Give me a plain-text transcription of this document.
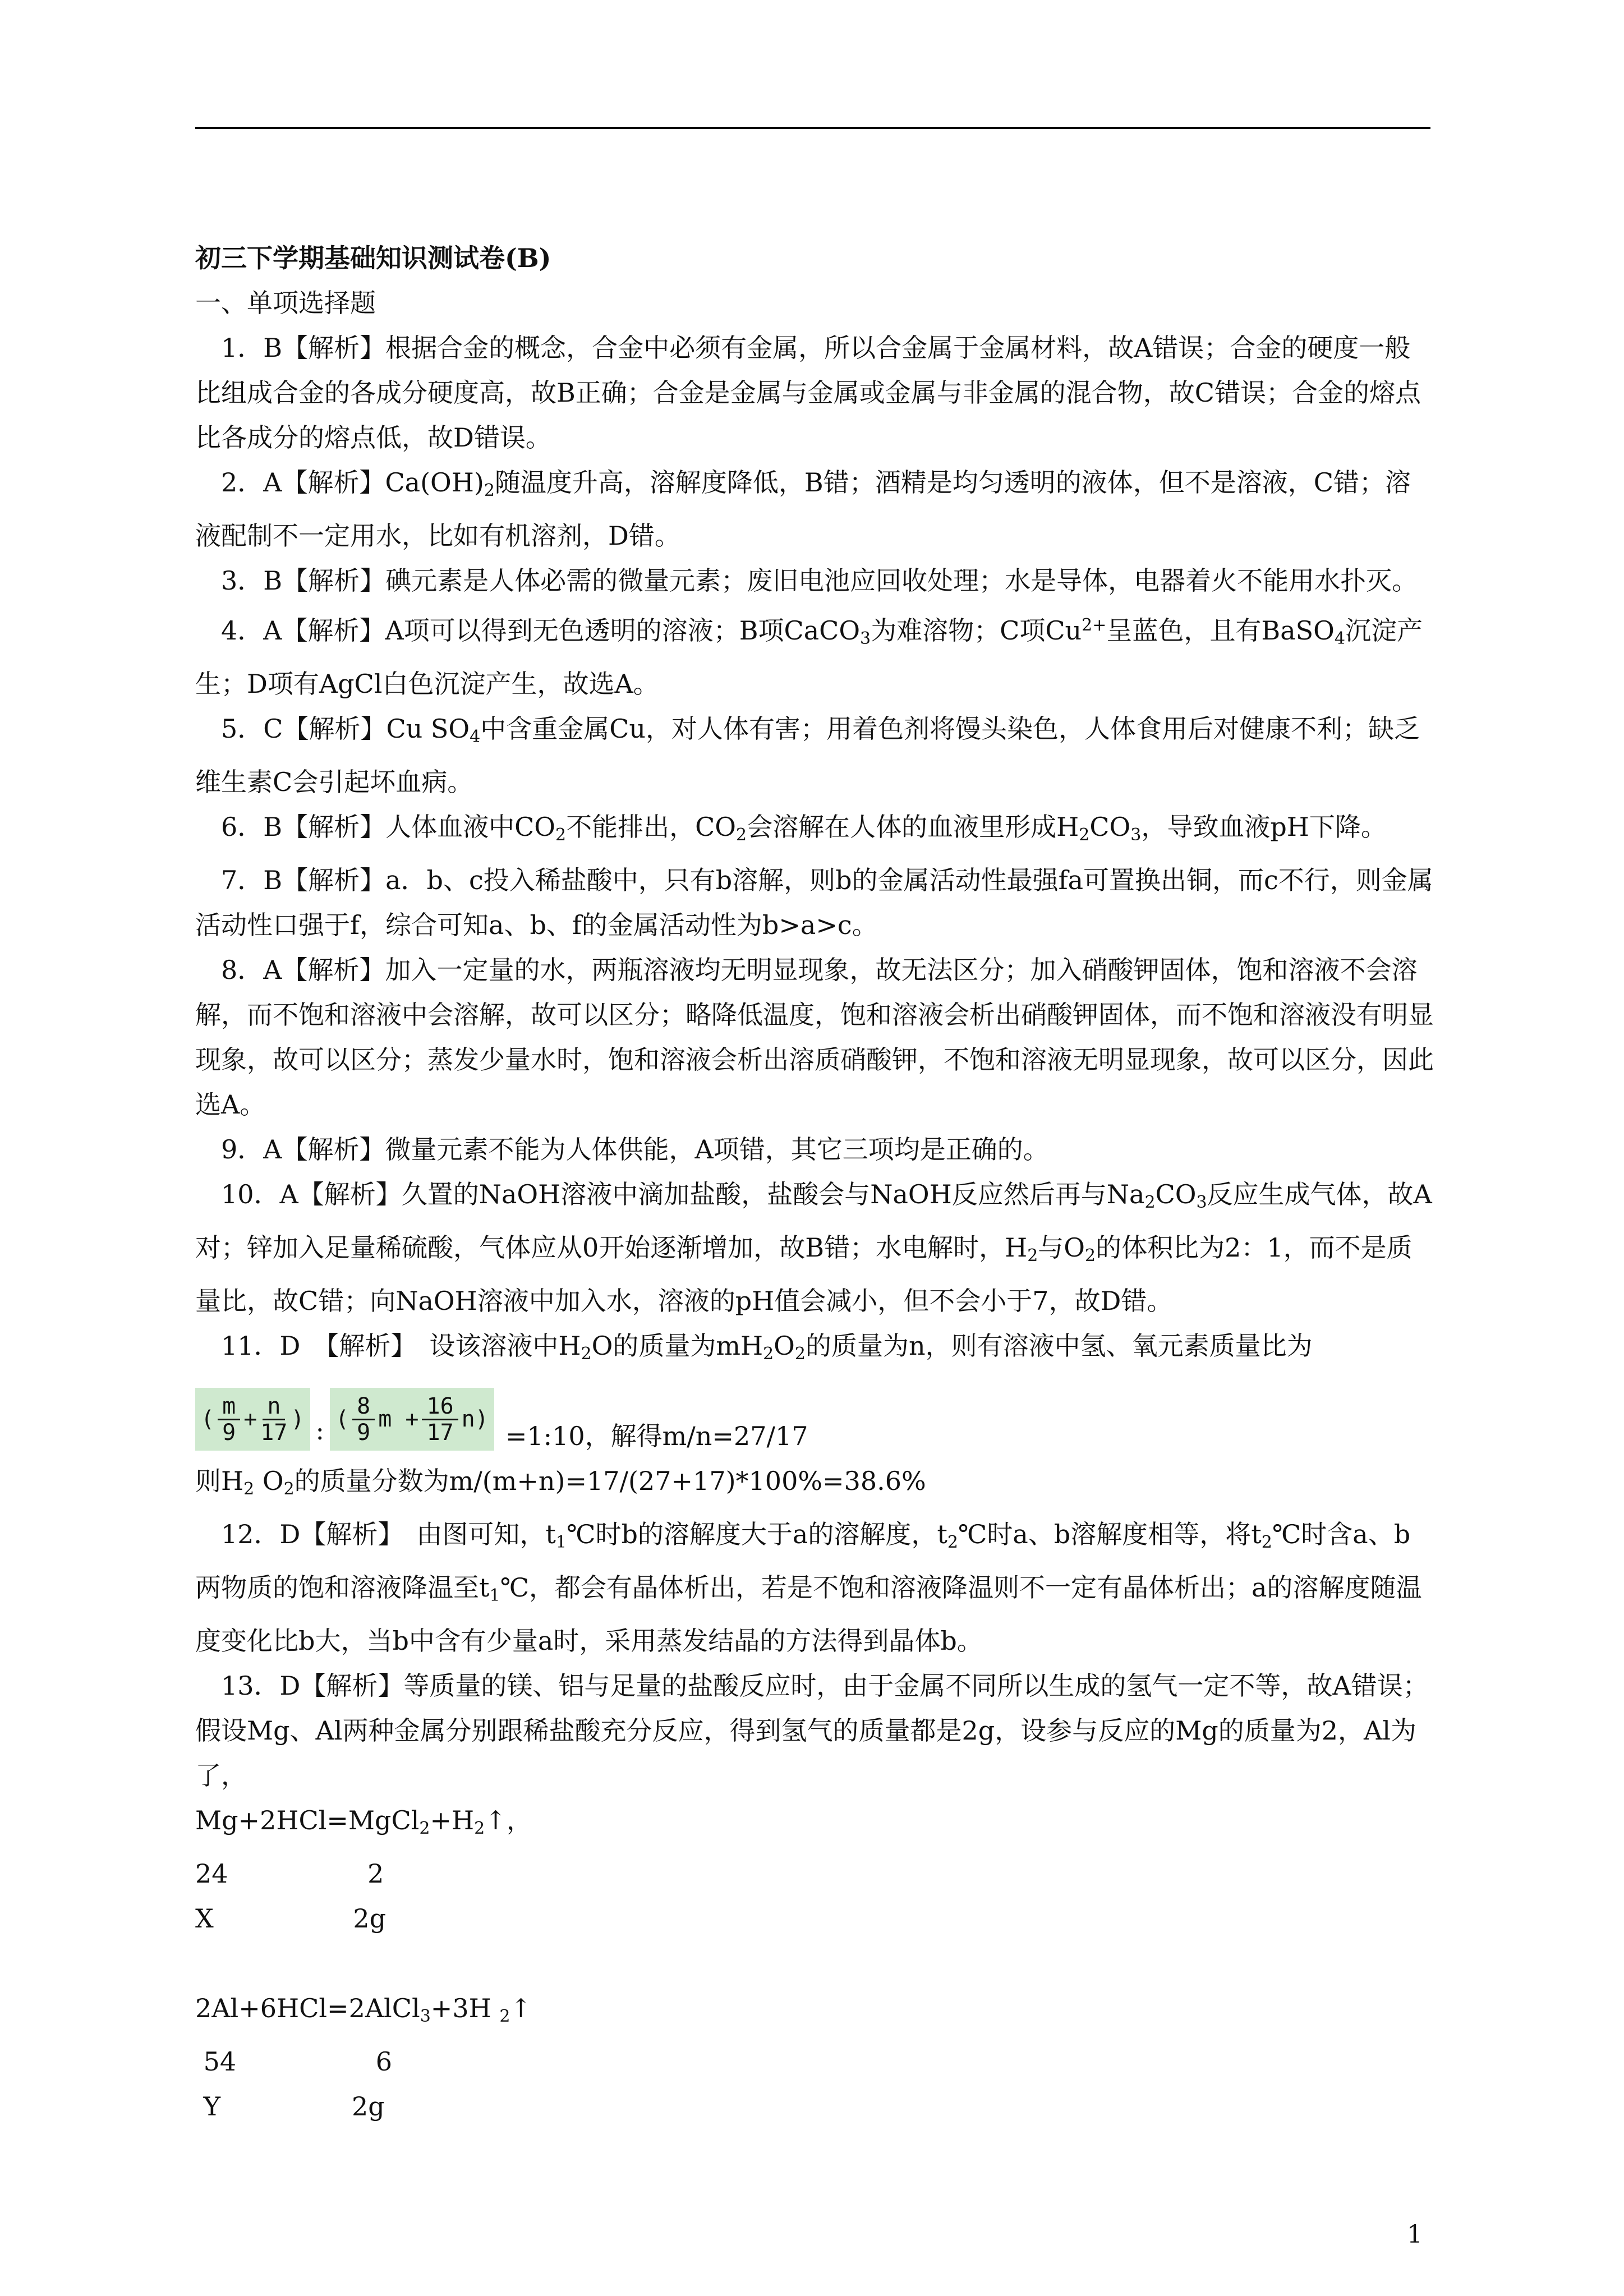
初三下学期基础知识测试卷(B)

一、单项选择题

1．B【解析】根据合金的概念，合金中必须有金属，所以合金属于金属材料，故A错误；合金的硬度一般比组成合金的各成分硬度高，故B正确；合金是金属与金属或金属与非金属的混合物，故C错误；合金的熔点比各成分的熔点低，故D错误。

2．A【解析】$Ca(OH)_2$随温度升高，溶解度降低，B错；酒精是均匀透明的液体，但不是溶液，C错；溶液配制不一定用水，比如有机溶剂，D错。

3．B【解析】碘元素是人体必需的微量元素；废旧电池应回收处理；水是导体，电器着火不能用水扑灭。

4．A【解析】A项可以得到无色透明的溶液；B项CaCO$_3$为难溶物；C项$Cu^{2+}$呈蓝色，且有BaSO$_4$沉淀产生；D项有AgCl白色沉淀产生，故选A。

5．C【解析】Cu $SO_4$中含重金属Cu，对人体有害；用着色剂将馒头染色，人体食用后对健康不利；缺乏维生素C会引起坏血病。

6．B【解析】人体血液中$CO_2$不能排出，$CO_2$会溶解在人体的血液里形成$H_2CO_3$，导致血液pH下降。

7．B【解析】a．b、c投入稀盐酸中，只有b溶解，则b的金属活动性最强fa可置换出铜，而c不行，则金属活动性口强于f，综合可知a、b、f的金属活动性为b>a>c。

8．A【解析】加入一定量的水，两瓶溶液均无明显现象，故无法区分；加入硝酸钾固体，饱和溶液不会溶解，而不饱和溶液中会溶解，故可以区分；略降低温度，饱和溶液会析出硝酸钾固体，而不饱和溶液没有明显现象，故可以区分；蒸发少量水时，饱和溶液会析出溶质硝酸钾，不饱和溶液无明显现象，故可以区分，因此选A。

9．A【解析】微量元素不能为人体供能，A项错，其它三项均是正确的。

10．A【解析】久置的NaOH溶液中滴加盐酸，盐酸会与NaOH反应然后再与$Na_2CO_3$反应生成气体，故A对；锌加入足量稀硫酸，气体应从0开始逐渐增加，故B错；水电解时，$H_2$与$O_2$的体积比为2：1，而不是质量比，故C错；向NaOH溶液中加入水，溶液的pH值会减小，但不会小于7，故D错。

11．D　【解析】　设该溶液中$H_2O$的质量为$mH_2O_2$的质量为n，则有溶液中氢、氧元素质量比为

( $\frac{m}{9} + \frac{n}{17}$ ) : ( $\frac{8}{9}$ $m + \frac{16}{17}$ n )
=1:10，解得m/n=27/17

则$H_2$ $O_2$的质量分数为m/(m+n)=17/(27+17)*100%=38.6%

12．D【解析】　由图可知，$t_1℃$时b的溶解度大于a的溶解度，$t_2℃$时a、b溶解度相等，将$t_2℃$时含a、b两物质的饱和溶液降温至$t_1℃$，都会有晶体析出，若是不饱和溶液降温则不一定有晶体析出；a的溶解度随温度变化比b大，当b中含有少量a时，采用蒸发结晶的方法得到晶体b。

13．D【解析】等质量的镁、铝与足量的盐酸反应时，由于金属不同所以生成的氢气一定不等，故A错误；假设Mg、Al两种金属分别跟稀盐酸充分反应，得到氢气的质量都是2g，设参与反应的Mg的质量为2，Al为了，

$Mg+2HCl=MgCl_2+H_2↑$，

24                 2

X                 2g

2Al+6HCl=2AlCl$_3$+3H $_2$↑

54                 6

Y                2g

1
